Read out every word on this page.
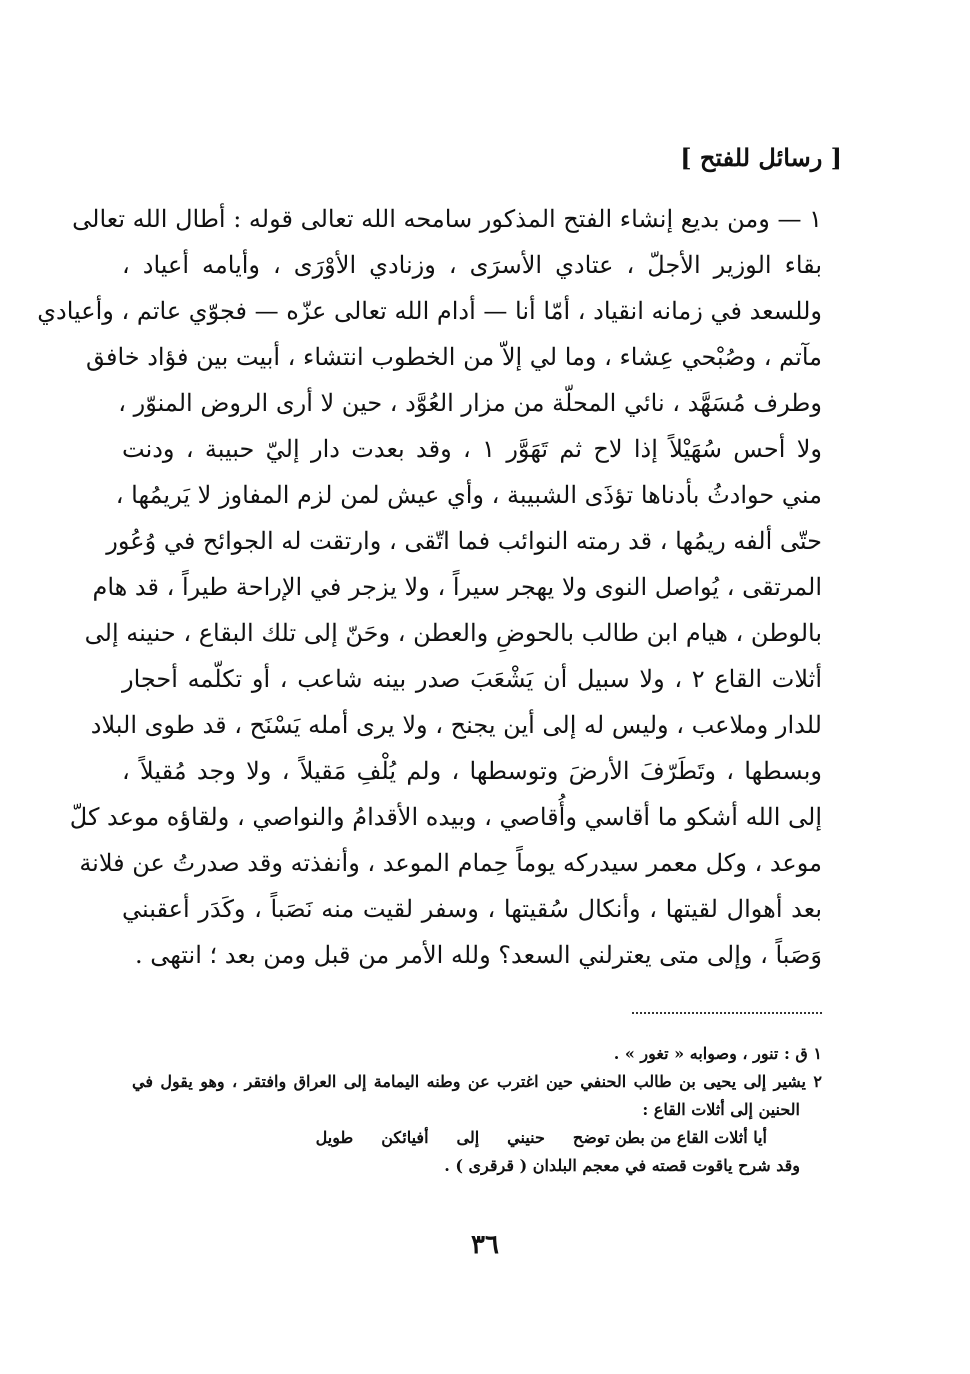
[ رسائل للفتح ]
١ — ومن بديع إنشاء الفتح المذكور سامحه الله تعالى قوله : أطال الله تعالى
بقاء الوزير الأجلّ ، عتادي الأسرَى ، وزنادي الأوْرَى ، وأيامه أعياد ،
وللسعد في زمانه انقياد ، أمّا أنا — أدام الله تعالى عزّه — فجوّي عاتم ، وأعيادي
مآتم ، وصُبْحي عِشاء ، وما لي إلاّ من الخطوب انتشاء ، أبيت بين فؤاد خافق
وطرف مُسَهَّد ، نائي المحلّة من مزار العُوَّد ، حين لا أرى الروض المنوّر ،
ولا أحس سُهَيْلاً إذا لاح ثم تَهَوَّر ١ ، وقد بعدت دار إليّ حبيبة ، ودنت
مني حوادثُ بأدناها تؤذَى الشبيبة ، وأي عيش لمن لزم المفاوز لا يَريمُها ،
حتّى ألفه ريمُها ، قد رمته النوائب فما اتّقى ، وارتقت له الجوائح في وُعُور
المرتقى ، يُواصل النوى ولا يهجر سيراً ، ولا يزجر في الإراحة طيراً ، قد هام
بالوطن ، هيام ابن طالب بالحوضِ والعطن ، وحَنّ إلى تلك البقاع ، حنينه إلى
أثلات القاع ٢ ، ولا سبيل أن يَشْعَبَ صدر بينه شاعب ، أو تكلّمه أحجار
للدار وملاعب ، وليس له إلى أين يجنح ، ولا يرى أمله يَسْنَح ، قد طوى البلاد
وبسطها ، وتَطَرّفَ الأرضَ وتوسطها ، ولم يُلْفِ مَقيلاً ، ولا وجد مُقيلاً ،
إلى الله أشكو ما أقاسي وأُقاصي ، وبيده الأقدامُ والنواصي ، ولقاؤه موعد كلّ
موعد ، وكل معمر سيدركه يوماً حِمام الموعد ، وأنفذته وقد صدرتُ عن فلانة
بعد أهوال لقيتها ، وأنكال سُقيتها ، وسفر لقيت منه نَصَباً ، وكَدَر أعقبني
وَصَباً ، وإلى متى يعترلني السعد؟ ولله الأمر من قبل ومن بعد ؛ انتهى .
١ ق : تنور ، وصوابه « تغور » .
٢ يشير إلى يحيى بن طالب الحنفي حين اغترب عن وطنه اليمامة إلى العراق وافتقر ، وهو يقول في
الحنين إلى أثلات القاع :
أيا أثلات القاع من بطن توضح
حنيني
إلى
أفيائكن
طويل
وقد شرح ياقوت قصته في معجم البلدان ( قرقرى ) .
٣٦
